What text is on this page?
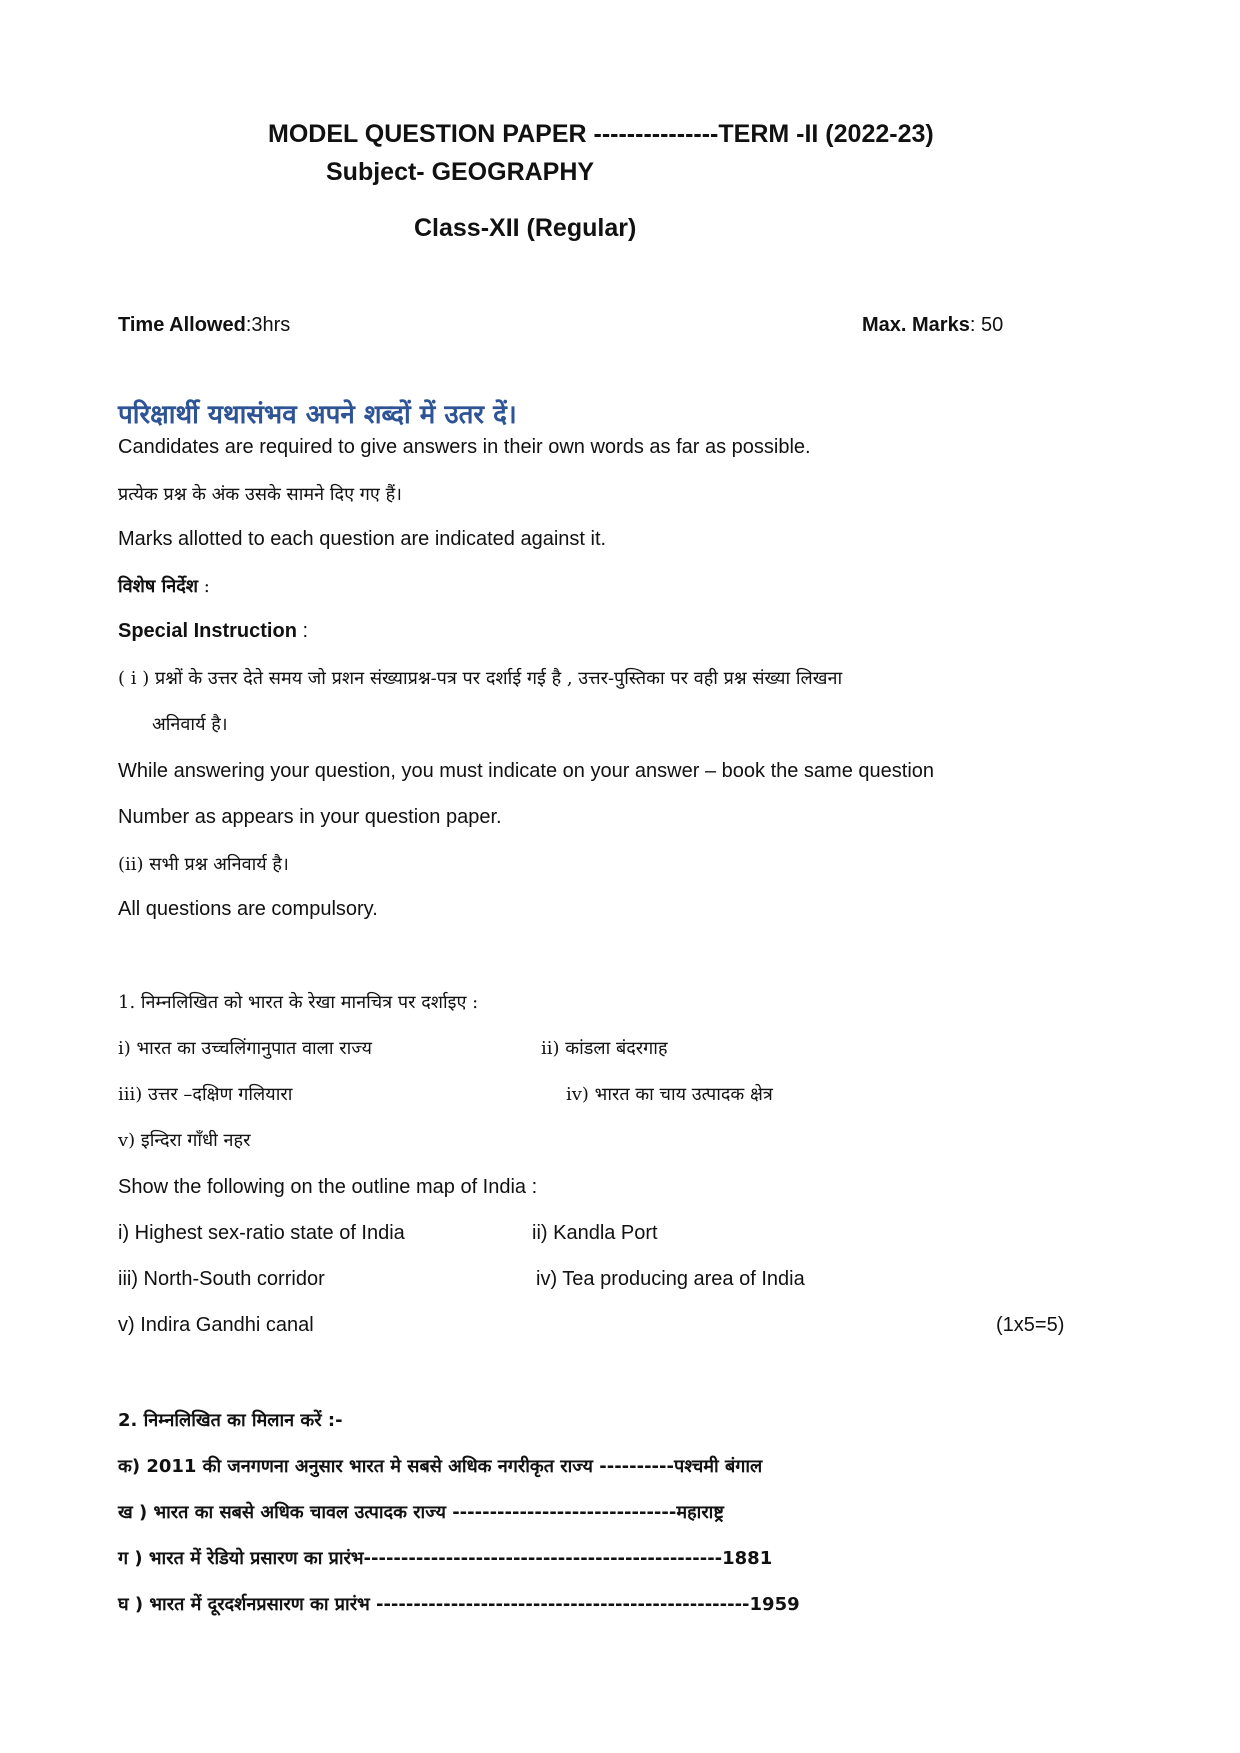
MODEL QUESTION PAPER ---------------TERM -II (2022-23)
Subject- GEOGRAPHY
Class-XII (Regular)
Time Allowed:3hrs	Max. Marks: 50
परिक्षार्थी यथासंभव अपने शब्दों में उतर दें।
Candidates are required to give answers in their own words as far as possible.
प्रत्येक प्रश्न के अंक उसके सामने दिए गए हैं।
Marks allotted to each question are indicated against it.
विशेष निर्देश :
Special Instruction :
( i ) प्रश्नों के उत्तर देते समय जो प्रशन संख्याप्रश्न-पत्र पर दर्शाई गई है , उत्तर-पुस्तिका पर वही प्रश्न संख्या लिखना
अनिवार्य है।
While answering your question, you must indicate on your answer – book the same question
Number as appears in your question paper.
(ii) सभी प्रश्न अनिवार्य है।
All questions are compulsory.
1. निम्नलिखित को भारत के रेखा मानचित्र पर दर्शाइए :
i) भारत का उच्चलिंगानुपात वाला राज्य	ii) कांडला बंदरगाह
iii) उत्तर –दक्षिण गलियारा	iv) भारत का चाय उत्पादक क्षेत्र
v) इन्दिरा गाँधी नहर
Show the following on the outline map of India :
i) Highest sex-ratio state of India	ii) Kandla Port
iii) North-South corridor	iv) Tea producing area of India
v) Indira Gandhi canal	(1x5=5)
2. निम्नलिखित का मिलान करें :-
क) 2011 की जनगणना अनुसार भारत मे सबसे अधिक नगरीकृत राज्य ----------पश्चमी बंगाल
ख ) भारत का सबसे अधिक चावल उत्पादक राज्य ------------------------------महाराष्ट्र
ग ) भारत में रेडियो प्रसारण का प्रारंभ------------------------------------------------1881
घ ) भारत में दूरदर्शनप्रसारण का प्रारंभ --------------------------------------------------1959
